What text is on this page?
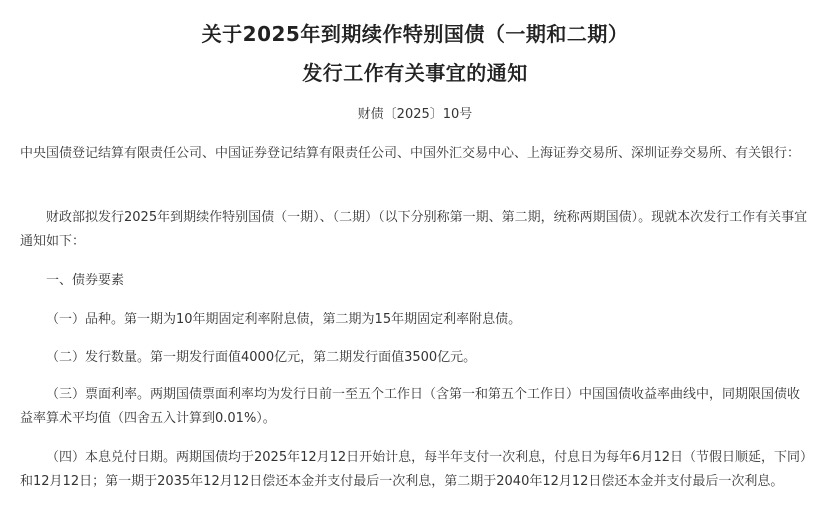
关于2025年到期续作特别国债（一期和二期）
发行工作有关事宜的通知
财债〔2025〕10号

中央国债登记结算有限责任公司、中国证券登记结算有限责任公司、中国外汇交易中心、上海证券交易所、深圳证券交易所、有关银行：

财政部拟发行2025年到期续作特别国债（一期）、（二期）（以下分别称第一期、第二期，统称两期国债）。现就本次发行工作有关事宜通知如下：

一、债券要素

（一）品种。第一期为10年期固定利率附息债，第二期为15年期固定利率附息债。

（二）发行数量。第一期发行面值4000亿元，第二期发行面值3500亿元。

（三）票面利率。两期国债票面利率均为发行日前一至五个工作日（含第一和第五个工作日）中国国债收益率曲线中，同期限国债收益率算术平均值（四舍五入计算到0.01%）。

（四）本息兑付日期。两期国债均于2025年12月12日开始计息，每半年支付一次利息，付息日为每年6月12日（节假日顺延，下同）和12月12日；第一期于2035年12月12日偿还本金并支付最后一次利息，第二期于2040年12月12日偿还本金并支付最后一次利息。
